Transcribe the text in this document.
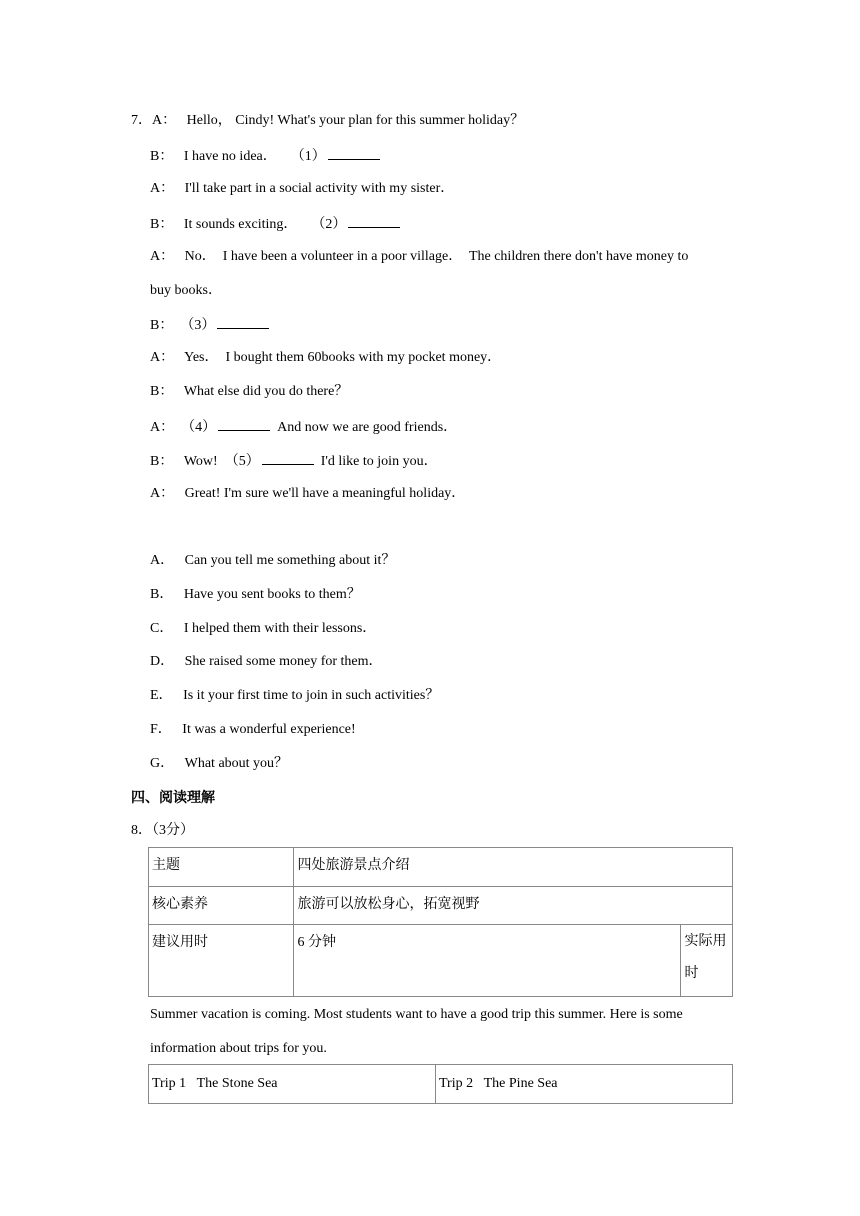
7．A： Hello， Cindy! What's your plan for this summer holiday？
B： I have no idea． （1）
A： I'll take part in a social activity with my sister．
B： It sounds exciting． （2）
A： No．  I have been a volunteer in a poor village．  The children there don't have money to
buy books．
B： （3）
A： Yes．  I bought them 60books with my pocket money．
B： What else did you do there？
A： （4）	And now we are good friends．
B： Wow! （5）	I'd like to join you．
A： Great! I'm sure we'll have a meaningful holiday．
A． Can you tell me something about it？
B． Have you sent books to them？
C． I helped them with their lessons．
D． She raised some money for them．
E． Is it your first time to join in such activities？
F． It was a wonderful experience!
G． What about you？
四、阅读理解
8．（3分）
主题	四处旅游景点介绍	
核心素养	旅游可以放松身心，拓宽视野	
建议用时	6 分钟	实际用
时
Summer vacation is coming. Most students want to have a good trip this summer. Here is some
information about trips for you.
Trip 1 The Stone Sea	Trip 2 The Pine Sea
